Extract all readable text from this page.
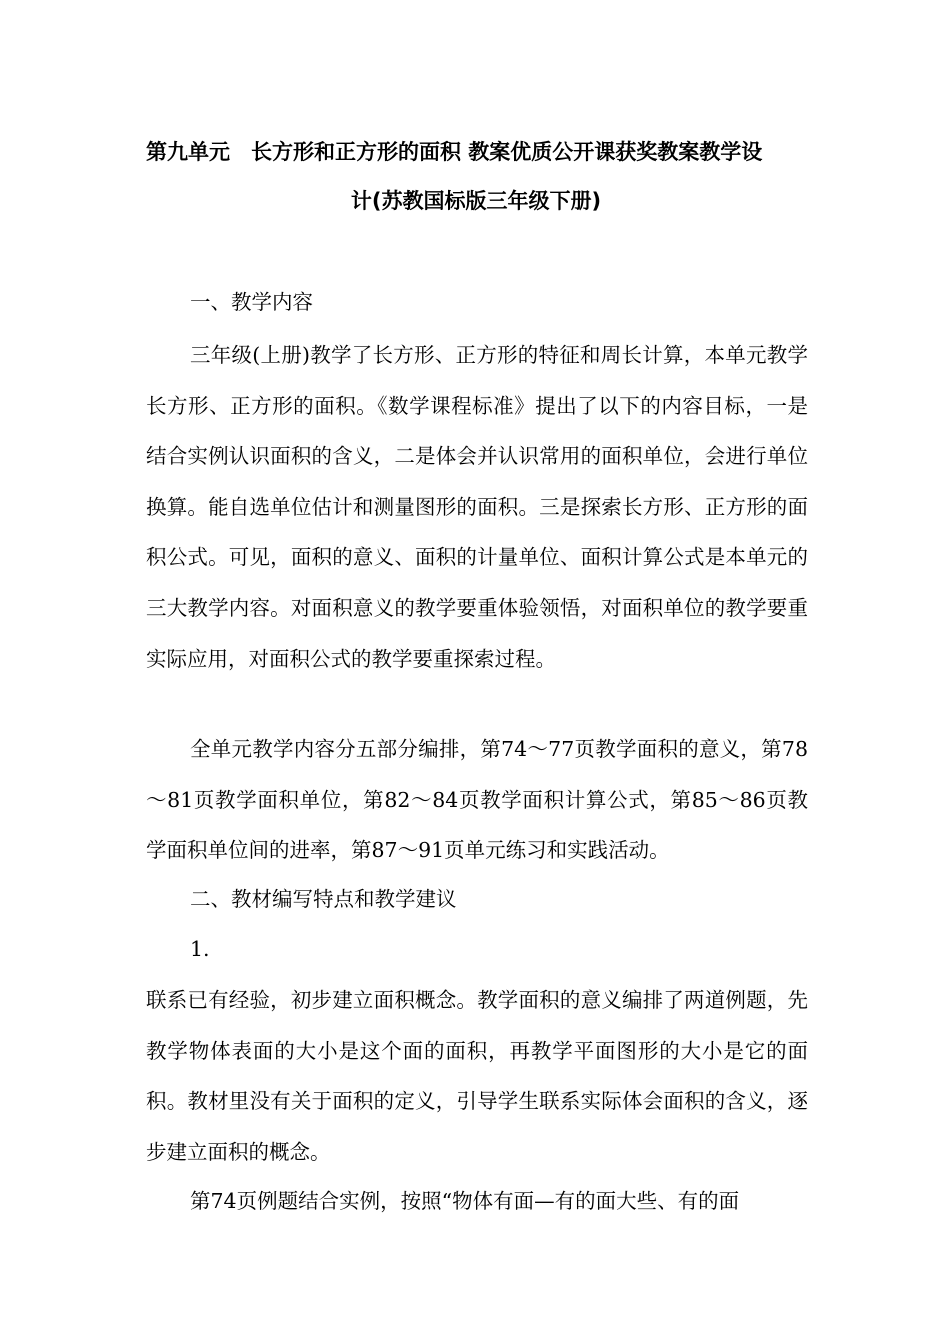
第九单元　长方形和正方形的面积 教案优质公开课获奖教案教学设
计(苏教国标版三年级下册)

一、教学内容

三年级(上册)教学了长方形、正方形的特征和周长计算，本单元教学长方形、正方形的面积。《数学课程标准》提出了以下的内容目标，一是结合实例认识面积的含义，二是体会并认识常用的面积单位，会进行单位换算。能自选单位估计和测量图形的面积。三是探索长方形、正方形的面积公式。可见，面积的意义、面积的计量单位、面积计算公式是本单元的三大教学内容。对面积意义的教学要重体验领悟，对面积单位的教学要重实际应用，对面积公式的教学要重探索过程。

全单元教学内容分五部分编排，第74～77页教学面积的意义，第78～81页教学面积单位，第82～84页教学面积计算公式，第85～86页教学面积单位间的进率，第87～91页单元练习和实践活动。

二、教材编写特点和教学建议

1.

联系已有经验，初步建立面积概念。教学面积的意义编排了两道例题，先教学物体表面的大小是这个面的面积，再教学平面图形的大小是它的面积。教材里没有关于面积的定义，引导学生联系实际体会面积的含义，逐步建立面积的概念。

第74页例题结合实例，按照“物体有面—有的面大些、有的面
